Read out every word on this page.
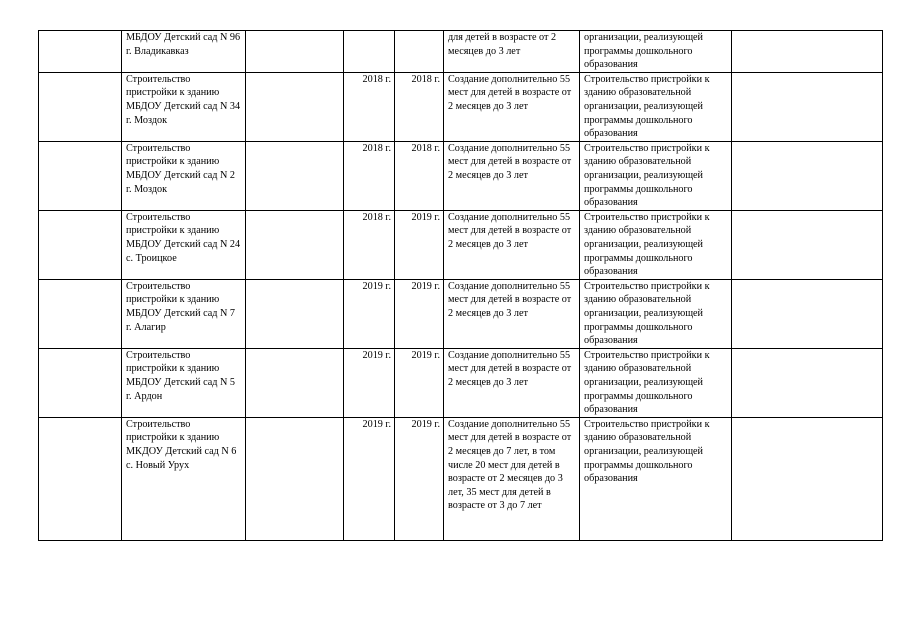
	МБДОУ Детский сад N 96 г. Владикавказ				для детей в возрасте от 2 месяцев до 3 лет	организации, реализующей программы дошкольного образования	
	Строительство пристройки к зданию МБДОУ Детский сад N 34 г. Моздок		2018 г.	2018 г.	Создание дополнительно 55 мест для детей в возрасте от 2 месяцев до 3 лет	Строительство пристройки к зданию образовательной организации, реализующей программы дошкольного образования	
	Строительство пристройки к зданию МБДОУ Детский сад N 2 г. Моздок		2018 г.	2018 г.	Создание дополнительно 55 мест для детей в возрасте от 2 месяцев до 3 лет	Строительство пристройки к зданию образовательной организации, реализующей программы дошкольного образования	
	Строительство пристройки к зданию МБДОУ Детский сад N 24 с. Троицкое		2018 г.	2019 г.	Создание дополнительно 55 мест для детей в возрасте от 2 месяцев до 3 лет	Строительство пристройки к зданию образовательной организации, реализующей программы дошкольного образования	
	Строительство пристройки к зданию МБДОУ Детский сад N 7 г. Алагир		2019 г.	2019 г.	Создание дополнительно 55 мест для детей в возрасте от 2 месяцев до 3 лет	Строительство пристройки к зданию образовательной организации, реализующей программы дошкольного образования	
	Строительство пристройки к зданию МБДОУ Детский сад N 5 г. Ардон		2019 г.	2019 г.	Создание дополнительно 55 мест для детей в возрасте от 2 месяцев до 3 лет	Строительство пристройки к зданию образовательной организации, реализующей программы дошкольного образования	
	Строительство пристройки к зданию МКДОУ Детский сад N 6 с. Новый Урух		2019 г.	2019 г.	Создание дополнительно 55 мест для детей в возрасте от 2 месяцев до 7 лет, в том числе 20 мест для детей в возрасте от 2 месяцев до 3 лет, 35 мест для детей в возрасте от 3 до 7 лет	Строительство пристройки к зданию образовательной организации, реализующей программы дошкольного образования	
